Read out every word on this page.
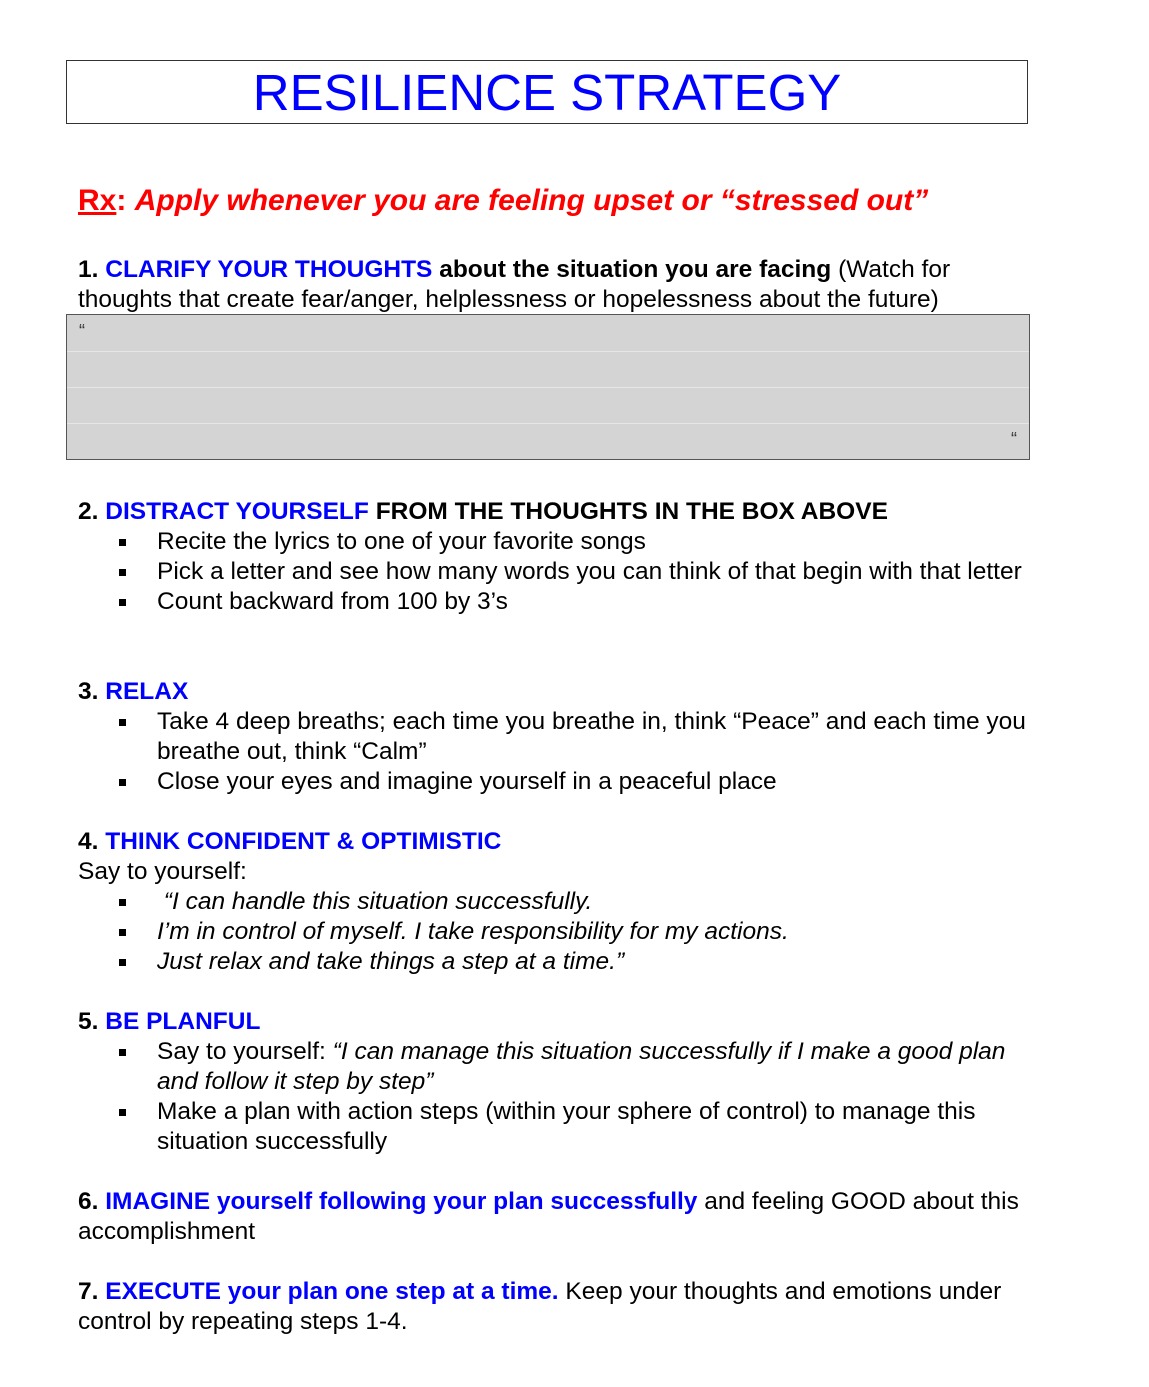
RESILIENCE STRATEGY
Rx: Apply whenever you are feeling upset or “stressed out”

1. CLARIFY YOUR THOUGHTS about the situation you are facing (Watch for thoughts that create fear/anger, helplessness or hopelessness about the future)

“
“

2. DISTRACT YOURSELF FROM THE THOUGHTS IN THE BOX ABOVE

Recite the lyrics to one of your favorite songs
Pick a letter and see how many words you can think of that begin with that letter
Count backward from 100 by 3’s

3. RELAX

Take 4 deep breaths; each time you breathe in, think “Peace” and each time you breathe out, think “Calm”
Close your eyes and imagine yourself in a peaceful place

4. THINK CONFIDENT & OPTIMISTIC

Say to yourself:

“I can handle this situation successfully.
I’m in control of myself. I take responsibility for my actions.
Just relax and take things a step at a time.”

5. BE PLANFUL

Say to yourself: “I can manage this situation successfully if I make a good plan and follow it step by step”
Make a plan with action steps (within your sphere of control) to manage this situation successfully

6. IMAGINE yourself following your plan successfully and feeling GOOD about this accomplishment

7. EXECUTE your plan one step at a time. Keep your thoughts and emotions under control by repeating steps 1-4.
